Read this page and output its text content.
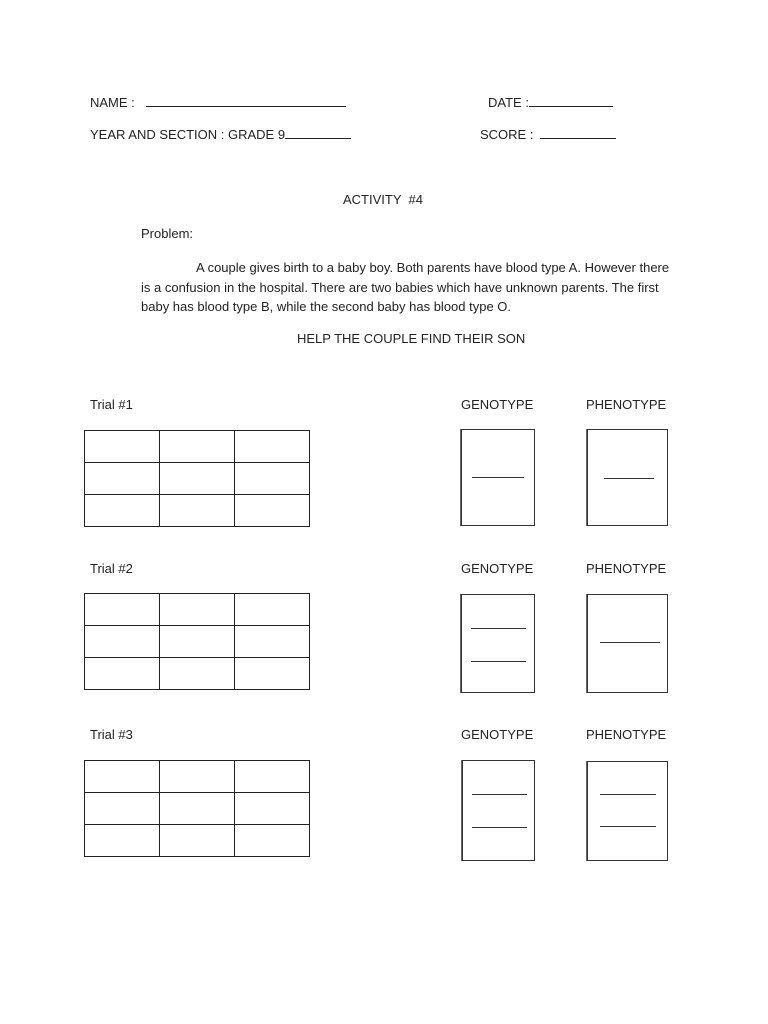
NAME :	DATE :
YEAR AND SECTION : GRADE 9	SCORE :
ACTIVITY  #4
Problem:
A couple gives birth to a baby boy. Both parents have blood type A. However there is a confusion in the hospital. There are two babies which have unknown parents. The first baby has blood type B, while the second baby has blood type O.
HELP THE COUPLE FIND THEIR SON
Trial #1	GENOTYPE	PHENOTYPE

Trial #2	GENOTYPE	PHENOTYPE

Trial #3	GENOTYPE	PHENOTYPE
